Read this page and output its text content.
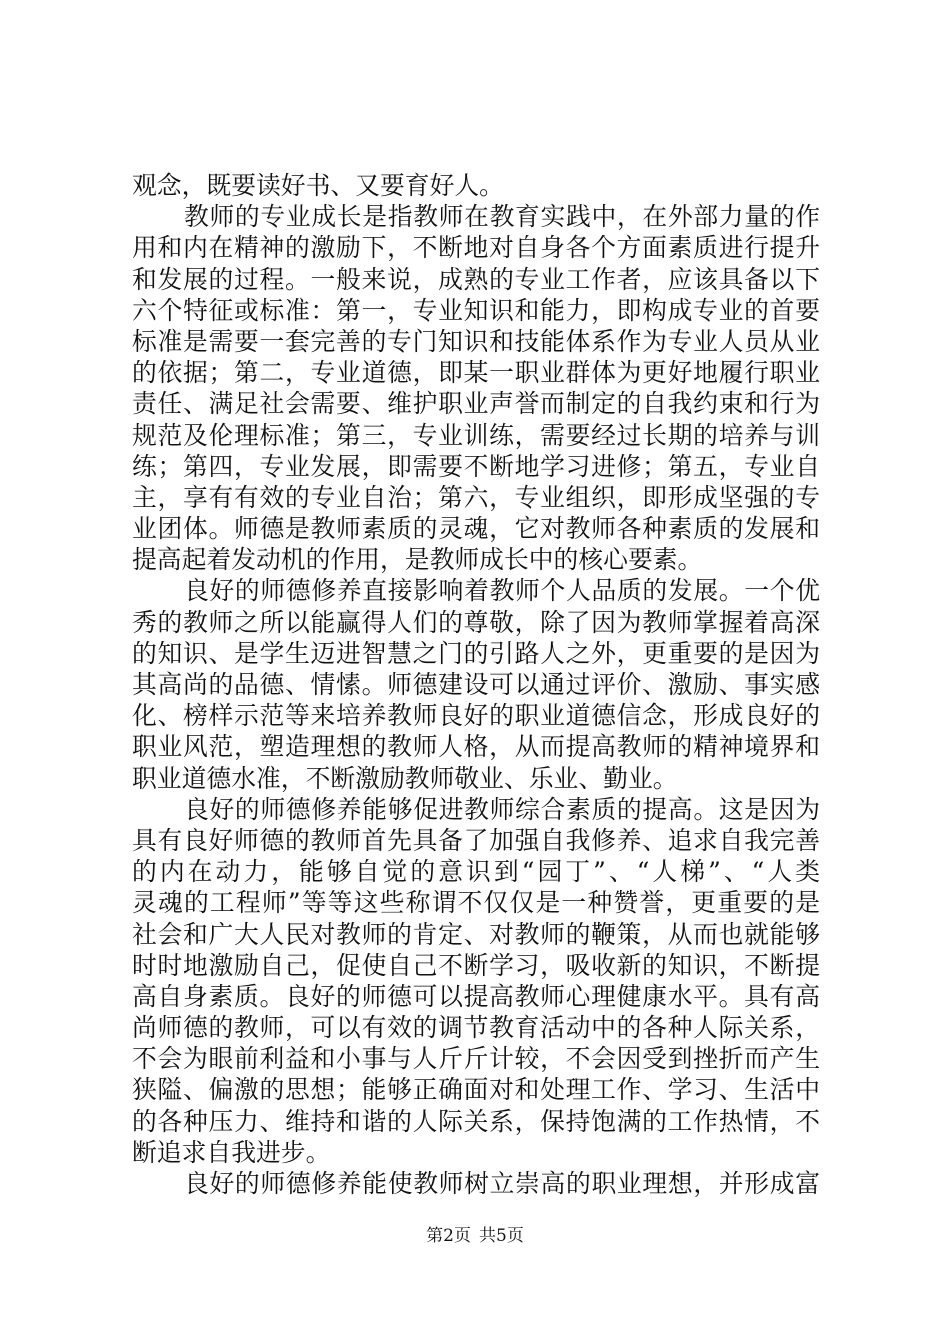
观念，既要读好书、又要育好人。
教师的专业成长是指教师在教育实践中，在外部力量的作
用和内在精神的激励下，不断地对自身各个方面素质进行提升
和发展的过程。一般来说，成熟的专业工作者，应该具备以下
六个特征或标准：第一，专业知识和能力，即构成专业的首要
标准是需要一套完善的专门知识和技能体系作为专业人员从业
的依据；第二，专业道德，即某一职业群体为更好地履行职业
责任、满足社会需要、维护职业声誉而制定的自我约束和行为
规范及伦理标准；第三，专业训练，需要经过长期的培养与训
练；第四，专业发展，即需要不断地学习进修；第五，专业自
主，享有有效的专业自治；第六，专业组织，即形成坚强的专
业团体。师德是教师素质的灵魂，它对教师各种素质的发展和
提高起着发动机的作用，是教师成长中的核心要素。
良好的师德修养直接影响着教师个人品质的发展。一个优
秀的教师之所以能赢得人们的尊敬，除了因为教师掌握着高深
的知识、是学生迈进智慧之门的引路人之外，更重要的是因为
其高尚的品德、情愫。师德建设可以通过评价、激励、事实感
化、榜样示范等来培养教师良好的职业道德信念，形成良好的
职业风范，塑造理想的教师人格，从而提高教师的精神境界和
职业道德水准，不断激励教师敬业、乐业、勤业。
良好的师德修养能够促进教师综合素质的提高。这是因为
具有良好师德的教师首先具备了加强自我修养、追求自我完善
的内在动力，能够自觉的意识到“园丁”、“人梯”、“人类
灵魂的工程师”等等这些称谓不仅仅是一种赞誉，更重要的是
社会和广大人民对教师的肯定、对教师的鞭策，从而也就能够
时时地激励自己，促使自己不断学习，吸收新的知识，不断提
高自身素质。良好的师德可以提高教师心理健康水平。具有高
尚师德的教师，可以有效的调节教育活动中的各种人际关系，
不会为眼前利益和小事与人斤斤计较，不会因受到挫折而产生
狭隘、偏激的思想；能够正确面对和处理工作、学习、生活中
的各种压力、维持和谐的人际关系，保持饱满的工作热情，不
断追求自我进步。
良好的师德修养能使教师树立崇高的职业理想，并形成富
第2页 共5页
